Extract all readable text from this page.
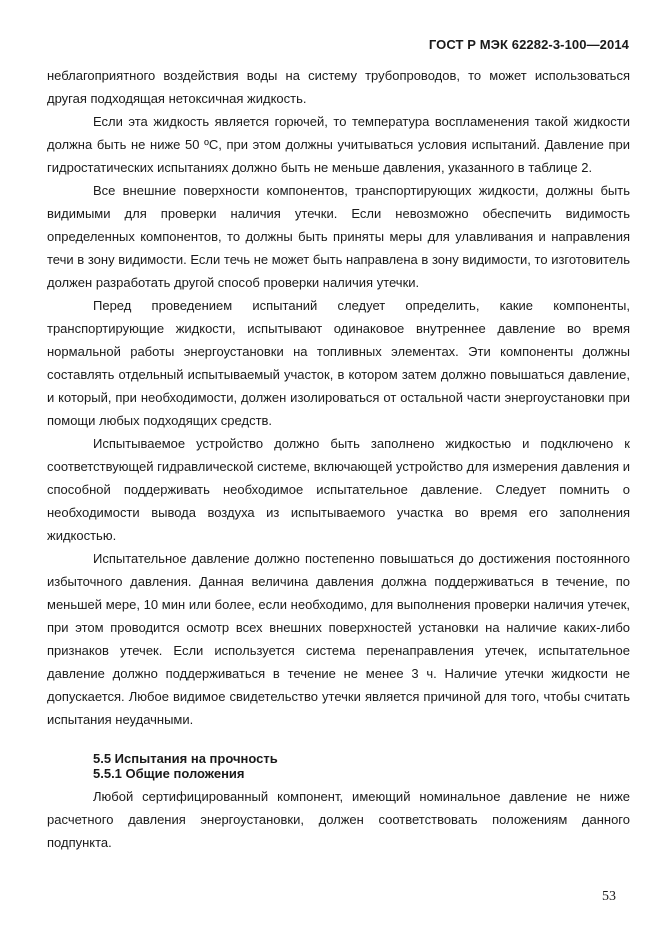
ГОСТ Р МЭК 62282-3-100—2014

неблагоприятного воздействия воды на систему трубопроводов, то может использоваться другая подходящая нетоксичная жидкость.

Если эта жидкость является горючей, то температура воспламенения такой жидкости должна быть не ниже 50 ºС, при этом должны учитываться условия испытаний. Давление при гидростатических испытаниях должно быть не меньше давления, указанного в таблице 2.

Все внешние поверхности компонентов, транспортирующих жидкости, должны быть видимыми для проверки наличия утечки. Если невозможно обеспечить видимость определенных компонентов, то должны быть приняты меры для улавливания и направления течи в зону видимости. Если течь не может быть направлена в зону видимости, то изготовитель должен разработать другой способ проверки наличия утечки.

Перед проведением испытаний следует определить, какие компоненты, транспортирующие жидкости, испытывают одинаковое внутреннее давление во время нормальной работы энергоустановки на топливных элементах. Эти компоненты должны составлять отдельный испытываемый участок, в котором затем должно повышаться давление, и который, при необходимости, должен изолироваться от остальной части энергоустановки при помощи любых подходящих средств.

Испытываемое устройство должно быть заполнено жидкостью и подключено к соответствующей гидравлической системе, включающей устройство для измерения давления и способной поддерживать необходимое испытательное давление. Следует помнить о необходимости вывода воздуха из испытываемого участка во время его заполнения жидкостью.

Испытательное давление должно постепенно повышаться до достижения постоянного избыточного давления. Данная величина давления должна поддерживаться в течение, по меньшей мере, 10 мин или более, если необходимо, для выполнения проверки наличия утечек, при этом проводится осмотр всех внешних поверхностей установки на наличие каких-либо признаков утечек. Если используется система перенаправления утечек, испытательное давление должно поддерживаться в течение не менее 3 ч. Наличие утечки жидкости не допускается. Любое видимое свидетельство утечки является причиной для того, чтобы считать испытания неудачными.

5.5 Испытания на прочность
5.5.1 Общие положения

Любой сертифицированный компонент, имеющий номинальное давление не ниже расчетного давления энергоустановки, должен соответствовать положениям данного подпункта.

53
